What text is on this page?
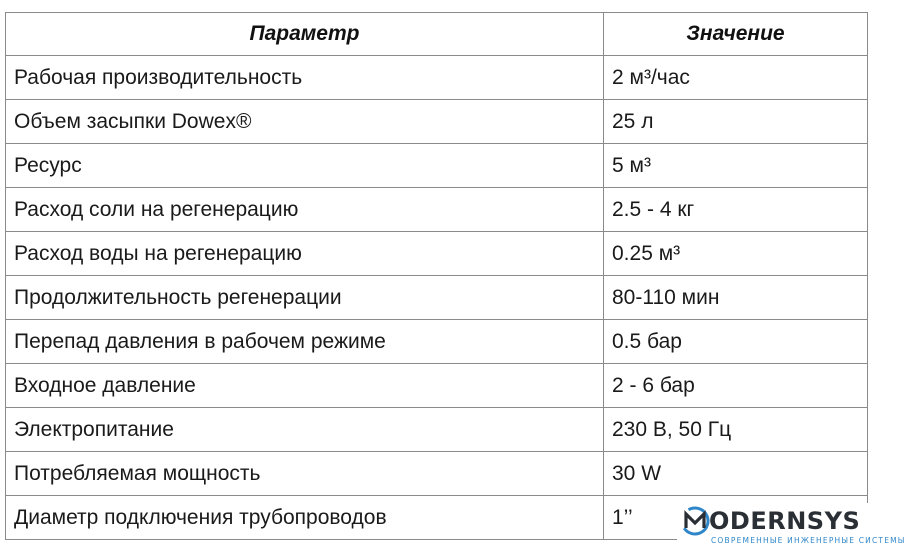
Параметр	Значение
Рабочая производительность	2 м³/час
Объем засыпки Dowex®	25 л
Ресурс	5 м³
Расход соли на регенерацию	2.5 - 4 кг
Расход воды на регенерацию	0.25 м³
Продолжительность регенерации	80-110 мин
Перепад давления в рабочем режиме	0.5 бар
Входное давление	2 - 6 бар
Электропитание	230 В, 50 Гц
Потребляемая мощность	30 W
Диаметр подключения трубопроводов	1’’	ODERNSYS
СОВРЕМЕННЫЕ ИНЖЕНЕРНЫЕ СИСТЕМЫ
